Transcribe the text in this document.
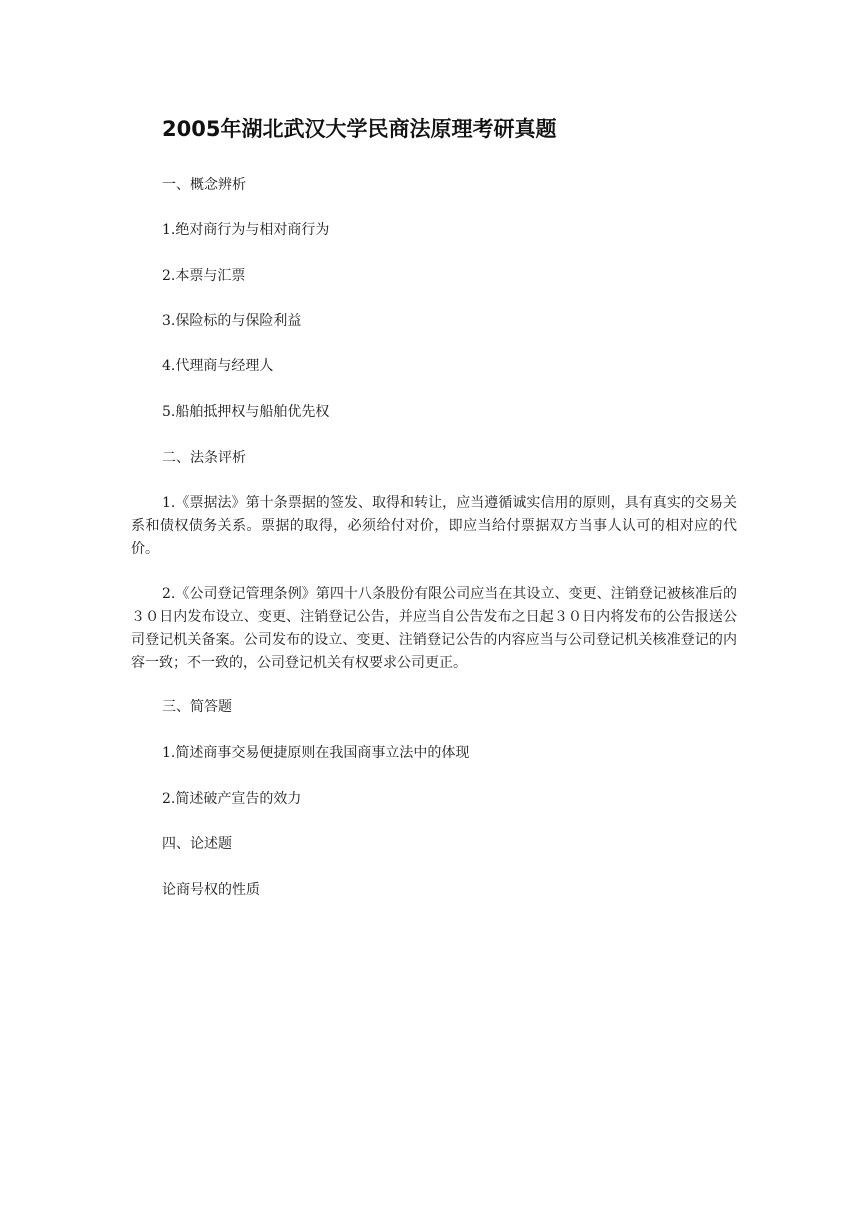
2005年湖北武汉大学民商法原理考研真题

一、概念辨析

1.绝对商行为与相对商行为

2.本票与汇票

3.保险标的与保险利益

4.代理商与经理人

5.船舶抵押权与船舶优先权

二、法条评析

1.《票据法》第十条票据的签发、取得和转让，应当遵循诚实信用的原则，具有真实的交易关系和债权债务关系。票据的取得，必须给付对价，即应当给付票据双方当事人认可的相对应的代价。

2.《公司登记管理条例》第四十八条股份有限公司应当在其设立、变更、注销登记被核准后的３０日内发布设立、变更、注销登记公告，并应当自公告发布之日起３０日内将发布的公告报送公司登记机关备案。公司发布的设立、变更、注销登记公告的内容应当与公司登记机关核准登记的内容一致；不一致的，公司登记机关有权要求公司更正。

三、简答题

1.简述商事交易便捷原则在我国商事立法中的体现

2.简述破产宣告的效力

四、论述题

论商号权的性质
